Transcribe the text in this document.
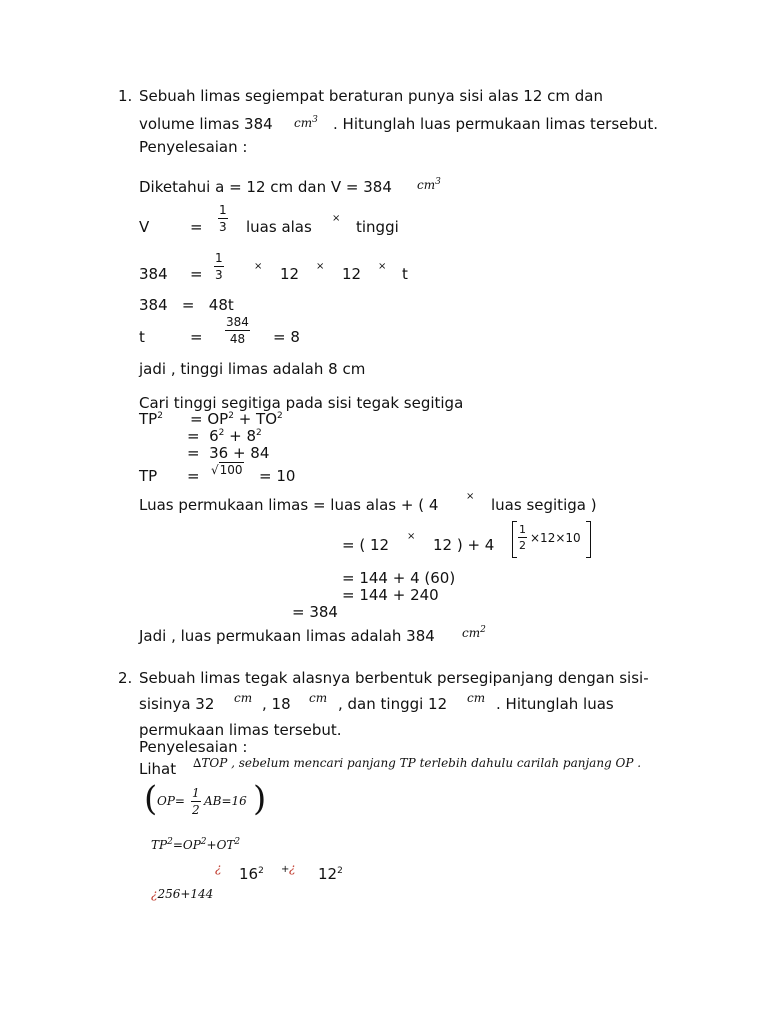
1. Sebuah limas segiempat beraturan punya sisi alas 12 cm dan
volume limas 384 $cm^3$ . Hitunglah luas permukaan limas tersebut.
Penyelesaian :
Diketahui a = 12 cm dan V = 384 $cm^3$
V	= $\frac{1}{3}$ luas alas × tinggi
$384 = \frac{1}{3}$	× 12 × 12 × t
384   =   48t
t	= $\frac{384}{48} = 8$
jadi , tinggi limas adalah 8 cm
Cari tinggi segitiga pada sisi tegak segitiga
$TP^2 = OP^2 + TO^2$
=  $6^2 + 8^2$
=  36 + 84
TP = √100 = 10
Luas permukaan limas = luas alas + ( 4	× luas segitiga )
= ( 12 × 12 ) + $4 \frac{1}{2} \times 12\times 10$
= 144 + 4 (60)
= 144 + 240
= 384
Jadi , luas permukaan limas adalah 384 $cm^2$
2. Sebuah limas tegak alasnya berbentuk persegipanjang dengan sisi-
sisinya 32 cm , 18 cm , dan tinggi 12 cm . Hitunglah luas
permukaan limas tersebut.
Penyelesaian :
Lihat ∆TOP , sebelum mencari panjang TP terlebih dahulu carilah panjang OP .
( $OP= \frac{1}{2} AB=16$ )
$TP^2=OP^2+OT^2$
¿ $16^2$ + ¿ $12^2$
¿256+144
